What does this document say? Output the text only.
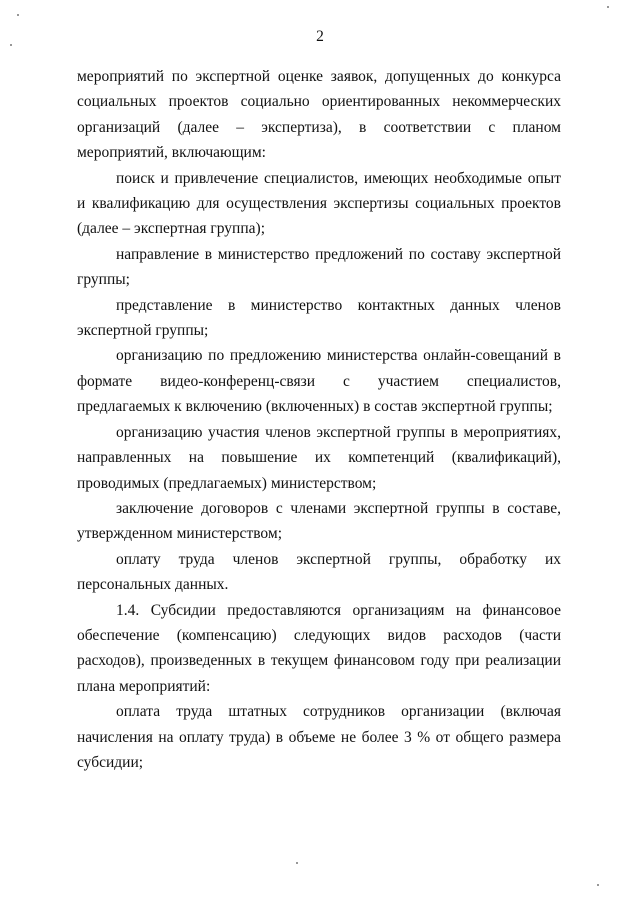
2

мероприятий по экспертной оценке заявок, допущенных до конкурса социальных проектов социально ориентированных некоммерческих организаций (далее – экспертиза), в соответствии с планом мероприятий, включающим:

поиск и привлечение специалистов, имеющих необходимые опыт и квалификацию для осуществления экспертизы социальных проектов (далее – экспертная группа);

направление в министерство предложений по составу экспертной группы;

представление в министерство контактных данных членов экспертной группы;

организацию по предложению министерства онлайн-совещаний в формате видео-конференц-связи с участием специалистов, предлагаемых к включению (включенных) в состав экспертной группы;

организацию участия членов экспертной группы в мероприятиях, направленных на повышение их компетенций (квалификаций), проводимых (предлагаемых) министерством;

заключение договоров с членами экспертной группы в составе, утвержденном министерством;

оплату труда членов экспертной группы, обработку их персональных данных.

1.4. Субсидии предоставляются организациям на финансовое обеспечение (компенсацию) следующих видов расходов (части расходов), произведенных в текущем финансовом году при реализации плана мероприятий:

оплата труда штатных сотрудников организации (включая начисления на оплату труда) в объеме не более 3 % от общего размера субсидии;
